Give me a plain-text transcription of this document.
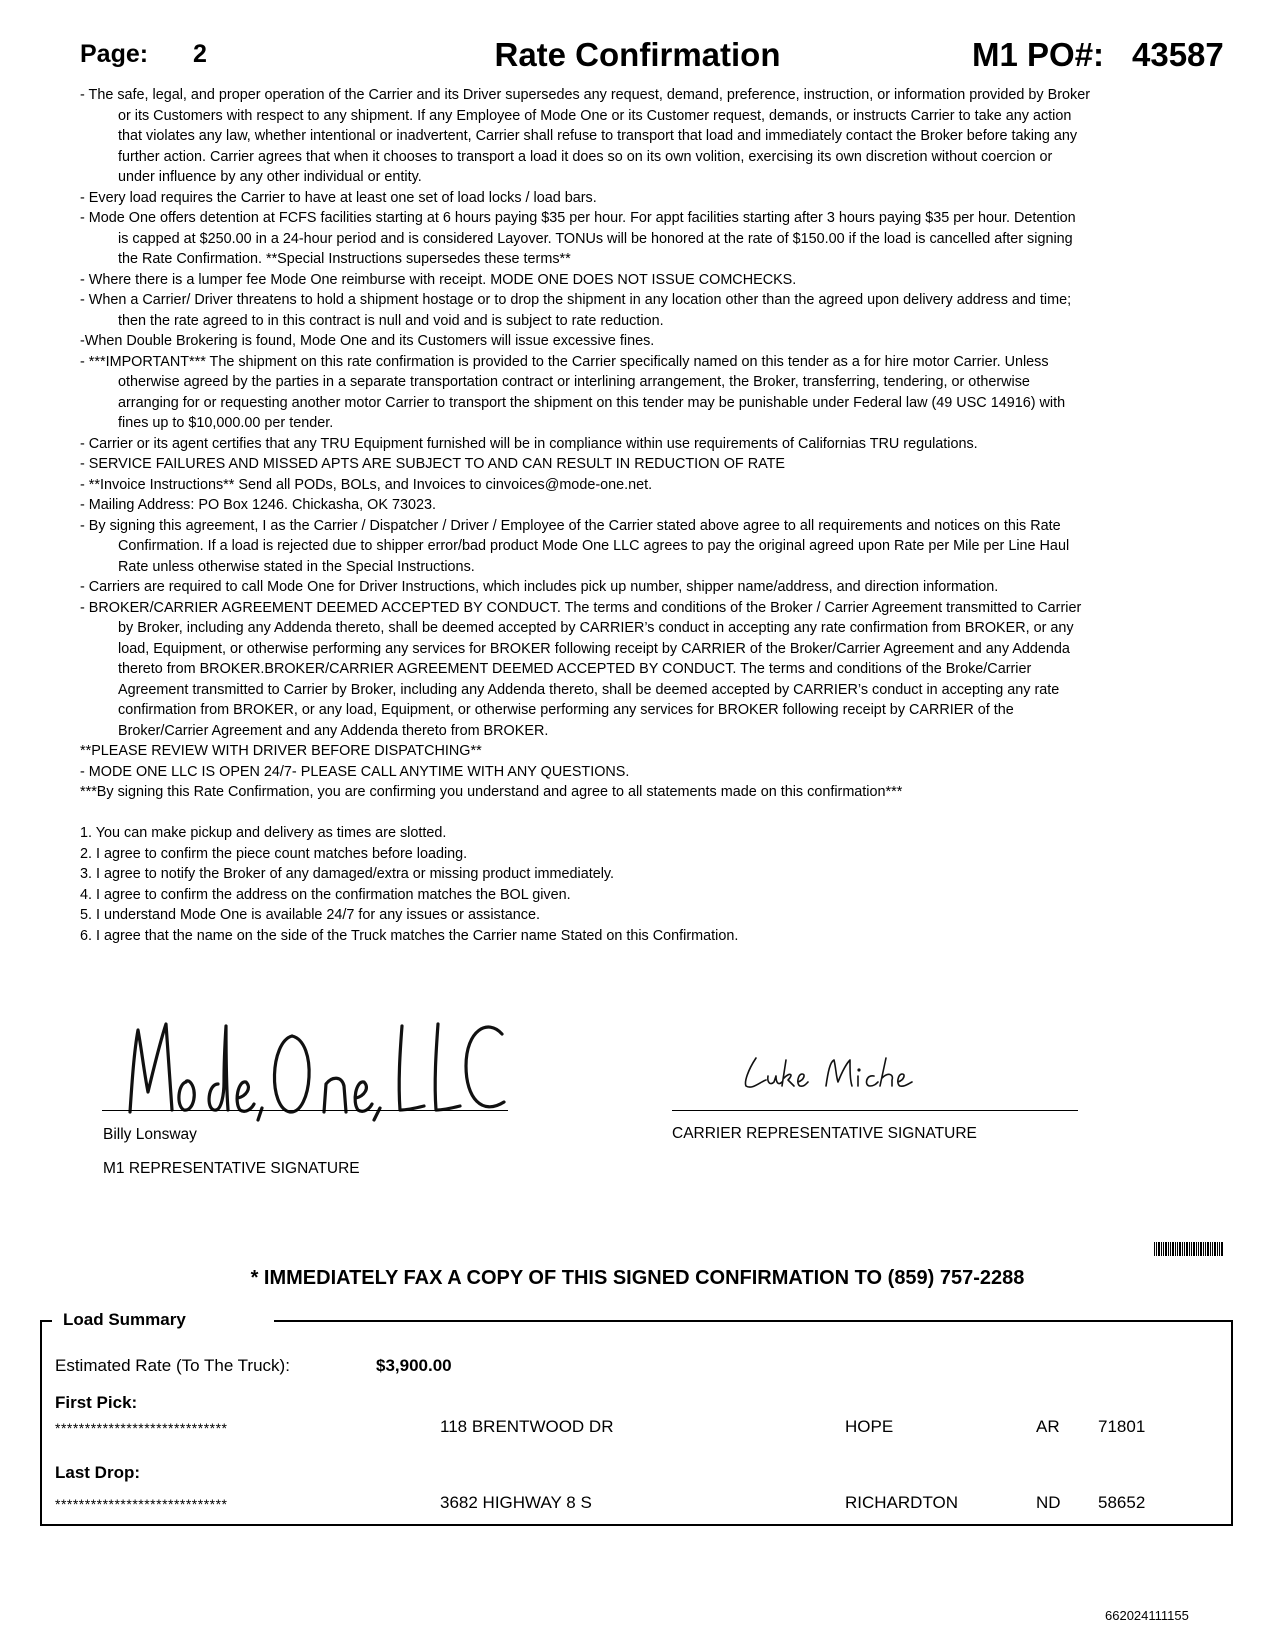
Page: 2	Rate Confirmation	M1 PO#: 43587

- The safe, legal, and proper operation of the Carrier and its Driver supersedes any request, demand, preference, instruction, or information provided by Broker or its Customers with respect to any shipment. If any Employee of Mode One or its Customer request, demands, or instructs Carrier to take any action that violates any law, whether intentional or inadvertent, Carrier shall refuse to transport that load and immediately contact the Broker before taking any further action. Carrier agrees that when it chooses to transport a load it does so on its own volition, exercising its own discretion without coercion or under influence by any other individual or entity.

- Every load requires the Carrier to have at least one set of load locks / load bars.

- Mode One offers detention at FCFS facilities starting at 6 hours paying $35 per hour. For appt facilities starting after 3 hours paying $35 per hour. Detention is capped at $250.00 in a 24-hour period and is considered Layover. TONUs will be honored at the rate of $150.00 if the load is cancelled after signing the Rate Confirmation. **Special Instructions supersedes these terms**

- Where there is a lumper fee Mode One reimburse with receipt. MODE ONE DOES NOT ISSUE COMCHECKS.

- When a Carrier/ Driver threatens to hold a shipment hostage or to drop the shipment in any location other than the agreed upon delivery address and time; then the rate agreed to in this contract is null and void and is subject to rate reduction.

-When Double Brokering is found, Mode One and its Customers will issue excessive fines.

- ***IMPORTANT*** The shipment on this rate confirmation is provided to the Carrier specifically named on this tender as a for hire motor Carrier. Unless otherwise agreed by the parties in a separate transportation contract or interlining arrangement, the Broker, transferring, tendering, or otherwise arranging for or requesting another motor Carrier to transport the shipment on this tender may be punishable under Federal law (49 USC 14916) with fines up to $10,000.00 per tender.

- Carrier or its agent certifies that any TRU Equipment furnished will be in compliance within use requirements of Californias TRU regulations.

- SERVICE FAILURES AND MISSED APTS ARE SUBJECT TO AND CAN RESULT IN REDUCTION OF RATE

- **Invoice Instructions** Send all PODs, BOLs, and Invoices to cinvoices@mode-one.net.

- Mailing Address: PO Box 1246. Chickasha, OK 73023.

- By signing this agreement, I as the Carrier / Dispatcher / Driver / Employee of the Carrier stated above agree to all requirements and notices on this Rate Confirmation. If a load is rejected due to shipper error/bad product Mode One LLC agrees to pay the original agreed upon Rate per Mile per Line Haul Rate unless otherwise stated in the Special Instructions.

- Carriers are required to call Mode One for Driver Instructions, which includes pick up number, shipper name/address, and direction information.

- BROKER/CARRIER AGREEMENT DEEMED ACCEPTED BY CONDUCT. The terms and conditions of the Broker / Carrier Agreement transmitted to Carrier by Broker, including any Addenda thereto, shall be deemed accepted by CARRIER’s conduct in accepting any rate confirmation from BROKER, or any load, Equipment, or otherwise performing any services for BROKER following receipt by CARRIER of the Broker/Carrier Agreement and any Addenda thereto from BROKER.BROKER/CARRIER AGREEMENT DEEMED ACCEPTED BY CONDUCT. The terms and conditions of the Broke/Carrier Agreement transmitted to Carrier by Broker, including any Addenda thereto, shall be deemed accepted by CARRIER’s conduct in accepting any rate confirmation from BROKER, or any load, Equipment, or otherwise performing any services for BROKER following receipt by CARRIER of the Broker/Carrier Agreement and any Addenda thereto from BROKER.

**PLEASE REVIEW WITH DRIVER BEFORE DISPATCHING**

- MODE ONE LLC IS OPEN 24/7- PLEASE CALL ANYTIME WITH ANY QUESTIONS.

***By signing this Rate Confirmation, you are confirming you understand and agree to all statements made on this confirmation***

1. You can make pickup and delivery as times are slotted.

2. I agree to confirm the piece count matches before loading.

3. I agree to notify the Broker of any damaged/extra or missing product immediately.

4. I agree to confirm the address on the confirmation matches the BOL given.

5. I understand Mode One is available 24/7 for any issues or assistance.

6. I agree that the name on the side of the Truck matches the Carrier name Stated on this Confirmation.

Billy Lonsway
M1 REPRESENTATIVE SIGNATURE
CARRIER REPRESENTATIVE SIGNATURE
* IMMEDIATELY FAX A COPY OF THIS SIGNED CONFIRMATION TO (859) 757-2288
Load Summary
Estimated Rate (To The Truck):	$3,900.00
First Pick:
*****************************	118 BRENTWOOD DR	HOPE	AR 71801
Last Drop:
*****************************	3682 HIGHWAY 8 S	RICHARDTON	ND 58652
662024111155
